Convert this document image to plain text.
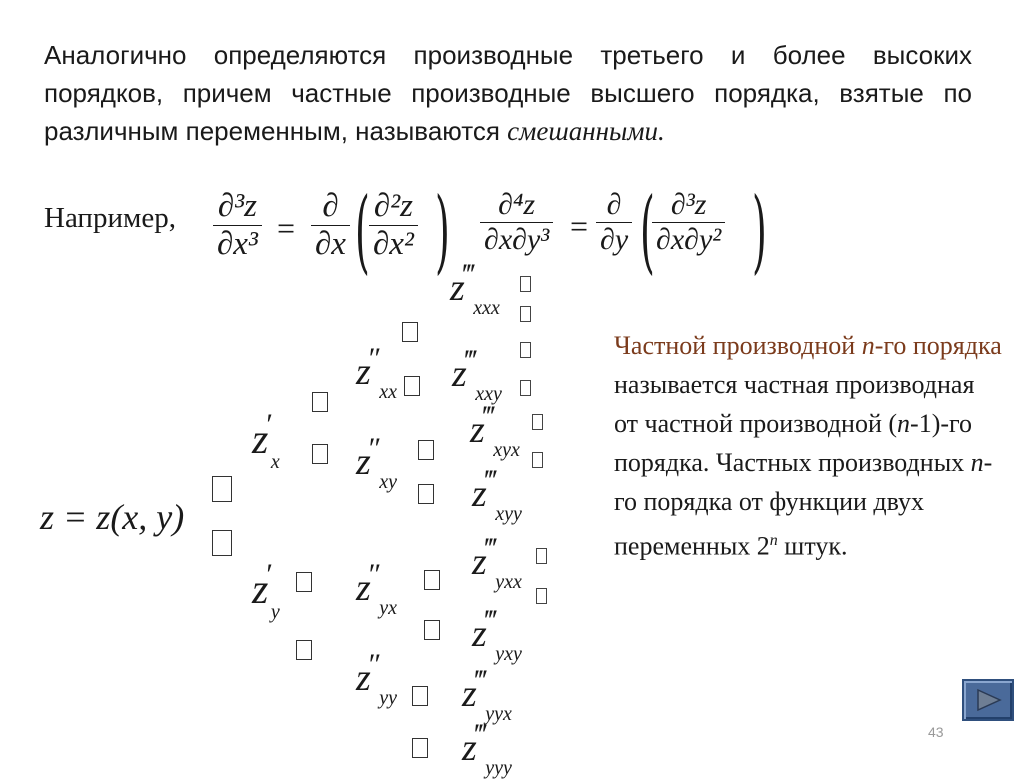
Аналогично определяются производные третьего и более высоких порядков, причем частные производные высшего порядка, взятые по различным переменным, называются смешанными.
Например, $\frac{\text{∂³z}}{\text{∂x³}}$ =
∂
∂x ( $\frac{\text{∂²z}}{\text{∂x²}}$ ) $\frac{\text{∂⁴z}}{\text{∂x∂y³}}$ =
∂
∂y (
$\frac{\text{∂³z}}{\text{∂x∂y²}}$ )
z = z(x, y)
$z'_x$
$z'_y$
$z''_{xx}$
$z''_{xy}$
$z''_{yx}$
$z''_{yy}$
$z^‴_{xxx}$
$z^‴_{xxy}$
$z^‴_{xyx}$
$z^‴_{xyy}$
$z^‴_{yxx}$
$z^‴_{yxy}$
$z^‴_{yyx}$
$z^‴_{yyy}$
Частной производной n-го порядка называется частная производная от частной производной (n-1)-го порядка. Частных производных n-го порядка от функции двух переменных 2$^n$ штук.
43
